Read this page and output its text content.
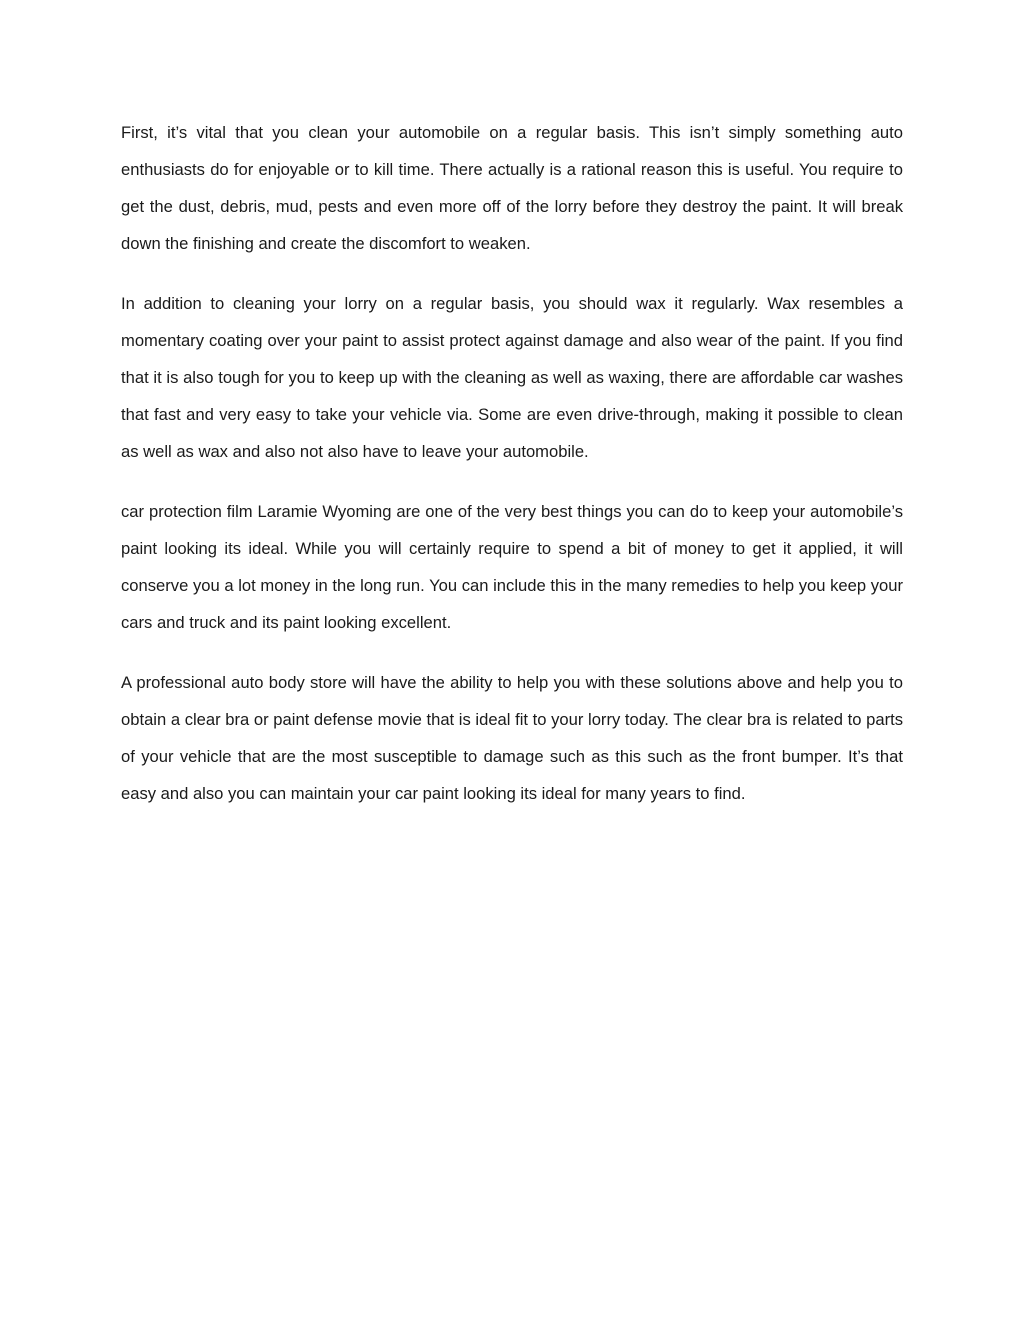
First, it’s vital that you clean your automobile on a regular basis. This isn’t simply something auto enthusiasts do for enjoyable or to kill time. There actually is a rational reason this is useful. You require to get the dust, debris, mud, pests and even more off of the lorry before they destroy the paint. It will break down the finishing and create the discomfort to weaken.

In addition to cleaning your lorry on a regular basis, you should wax it regularly. Wax resembles a momentary coating over your paint to assist protect against damage and also wear of the paint. If you find that it is also tough for you to keep up with the cleaning as well as waxing, there are affordable car washes that fast and very easy to take your vehicle via. Some are even drive-through, making it possible to clean as well as wax and also not also have to leave your automobile.

car protection film Laramie Wyoming are one of the very best things you can do to keep your automobile’s paint looking its ideal. While you will certainly require to spend a bit of money to get it applied, it will conserve you a lot money in the long run. You can include this in the many remedies to help you keep your cars and truck and its paint looking excellent.

A professional auto body store will have the ability to help you with these solutions above and help you to obtain a clear bra or paint defense movie that is ideal fit to your lorry today. The clear bra is related to parts of your vehicle that are the most susceptible to damage such as this such as the front bumper. It’s that easy and also you can maintain your car paint looking its ideal for many years to find.
